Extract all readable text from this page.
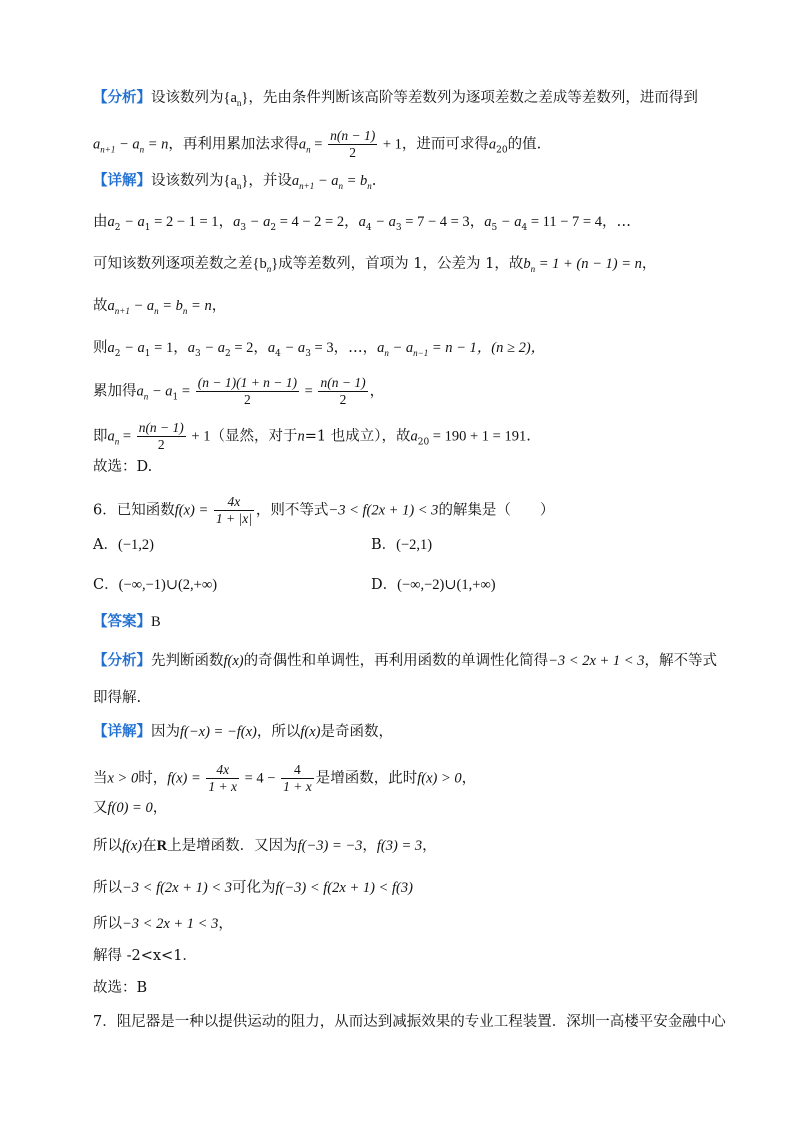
【分析】设该数列为$\{a_n\}$，先由条件判断该高阶等差数列为逐项差数之差成等差数列，进而得到
$a_{n+1} - a_n = n$，再利用累加法求得$a_n = \frac{n(n - 1)}{2} + 1$，进而可求得$a_{20}$的值.
【详解】设该数列为$\{a_n\}$，并设$a_{n+1} - a_n = b_n$.
由$a_2 - a_1 = 2 - 1 = 1$，$a_3 - a_2 = 4 - 2 = 2$，$a_4 - a_3 = 7 - 4 = 3$，$a_5 - a_4 = 11 - 7 = 4$，…
可知该数列逐项差数之差$\{b_n\}$成等差数列，首项为 1，公差为 1，故$b_n = 1 + (n - 1) = n$，
故$a_{n+1} - a_n = b_n = n$，
则$a_2 - a_1 = 1$，$a_3 - a_2 = 2$，$a_4 - a_3 = 3$，…，$a_n - a_{n-1} = n - 1$，(n ≥ 2)，
累加得$a_n - a_1 = \frac{(n - 1)(1 + n - 1)}{2} = \frac{n(n - 1)}{2}$ ，
即$a_n = \frac{n(n - 1)}{2} + 1$（显然，对于n=1 也成立），故$a_{20} = 190 + 1 = 191$.
故选：D.
6．已知函数$f(x) = \frac{4x}{1 + |x|}$ ，则不等式−3 < f(2x + 1) < 3的解集是（　　）
A．(−1,2)	B．(−2,1)
C．(−∞,−1)∪(2,+∞)	D．(−∞,−2)∪(1,+∞)
【答案】B
【分析】先判断函数f(x)的奇偶性和单调性，再利用函数的单调性化简得−3 < 2x + 1 < 3，解不等式
即得解.
【详解】因为f(−x) = −f(x)，所以f(x)是奇函数，
当x > 0时，$f(x) = \frac{4x}{1 + x} = 4 - \frac{4}{1 + x}$ 是增函数，此时f(x) > 0，
又f(0) = 0，
所以f(x)在R上是增函数．又因为f(−3) = −3，f(3) = 3，
所以−3 < f(2x + 1) < 3可化为f(−3) < f(2x + 1) < f(3)
所以−3 < 2x + 1 < 3，
解得 -2<x<1．
故选：B
7．阻尼器是一种以提供运动的阻力，从而达到减振效果的专业工程装置．深圳一高楼平安金融中心
